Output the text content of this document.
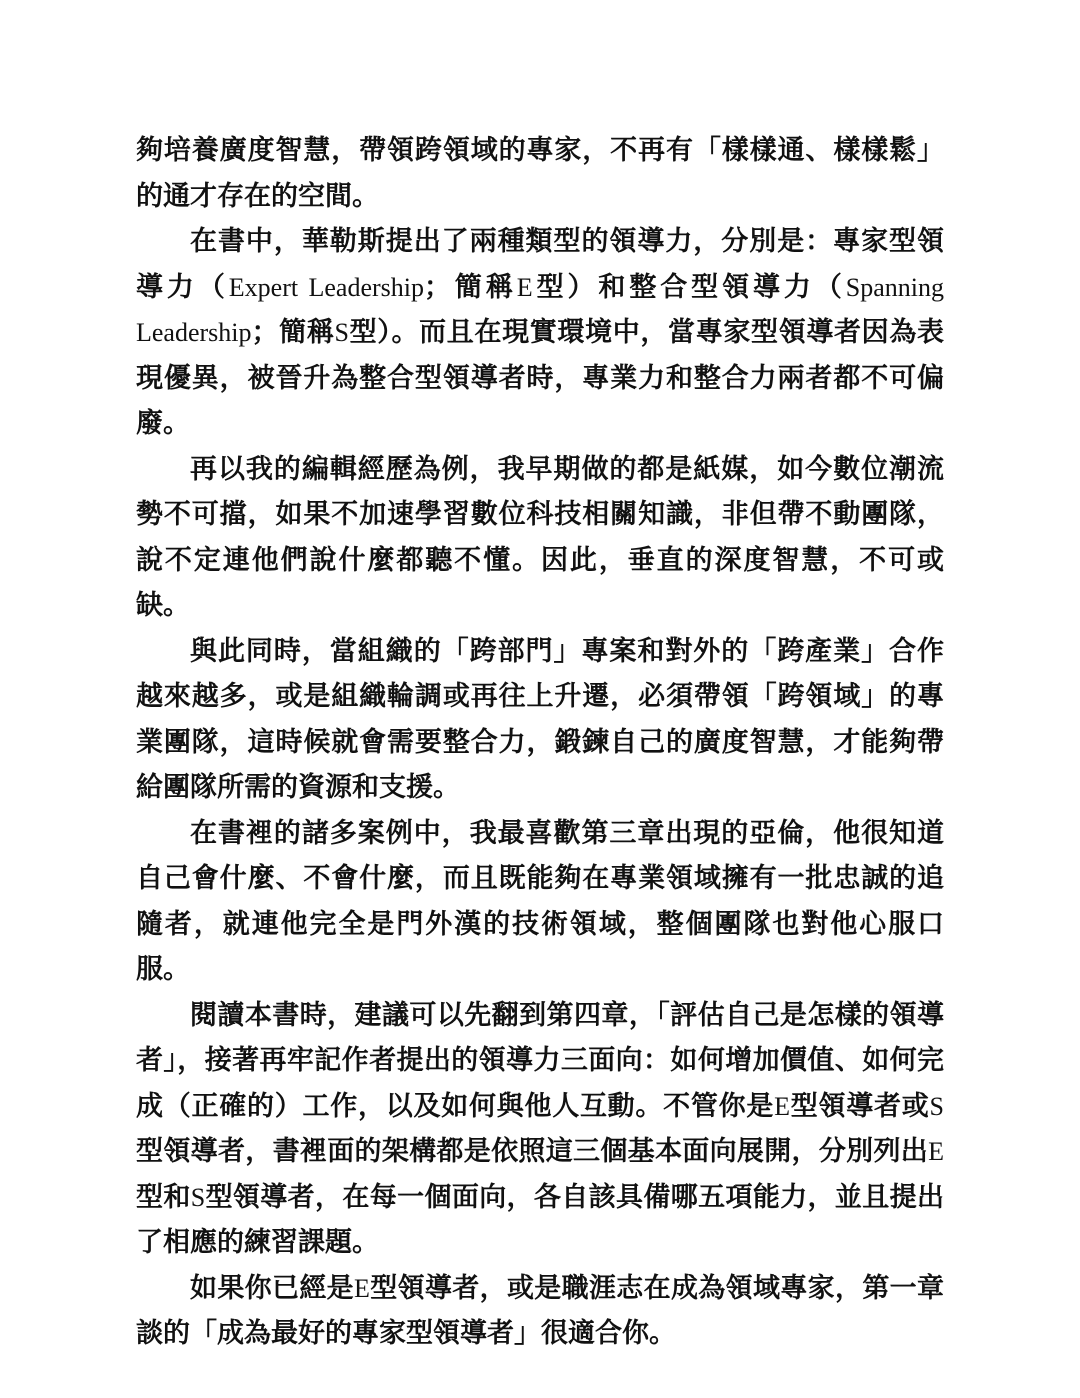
夠培養廣度智慧，帶領跨領域的專家，不再有「樣樣通、樣樣鬆」的通才存在的空間。

在書中，華勒斯提出了兩種類型的領導力，分別是：專家型領導力（Expert Leadership；簡稱E型）和整合型領導力（Spanning Leadership；簡稱S型）。而且在現實環境中，當專家型領導者因為表現優異，被晉升為整合型領導者時，專業力和整合力兩者都不可偏廢。

再以我的編輯經歷為例，我早期做的都是紙媒，如今數位潮流勢不可擋，如果不加速學習數位科技相關知識，非但帶不動團隊，說不定連他們說什麼都聽不懂。因此，垂直的深度智慧，不可或缺。

與此同時，當組織的「跨部門」專案和對外的「跨產業」合作越來越多，或是組織輪調或再往上升遷，必須帶領「跨領域」的專業團隊，這時候就會需要整合力，鍛鍊自己的廣度智慧，才能夠帶給團隊所需的資源和支援。

在書裡的諸多案例中，我最喜歡第三章出現的亞倫，他很知道自己會什麼、不會什麼，而且既能夠在專業領域擁有一批忠誠的追隨者，就連他完全是門外漢的技術領域，整個團隊也對他心服口服。

閱讀本書時，建議可以先翻到第四章，「評估自己是怎樣的領導者」，接著再牢記作者提出的領導力三面向：如何增加價值、如何完成（正確的）工作，以及如何與他人互動。不管你是E型領導者或S型領導者，書裡面的架構都是依照這三個基本面向展開，分別列出E型和S型領導者，在每一個面向，各自該具備哪五項能力，並且提出了相應的練習課題。

如果你已經是E型領導者，或是職涯志在成為領域專家，第一章談的「成為最好的專家型領導者」很適合你。
